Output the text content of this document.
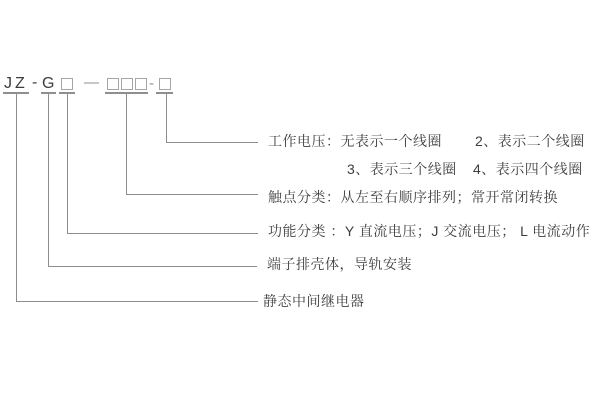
JZ - G —	-
工作电压：无表示一个线圈 2、表示二个线圈
3、表示三个线圈 4、表示四个线圈
触点分类：从左至右顺序排列；常开常闭转换
功能分类 ：Y 直流电压；J 交流电压； L 电流动作
端子排壳体，导轨安装
静态中间继电器
